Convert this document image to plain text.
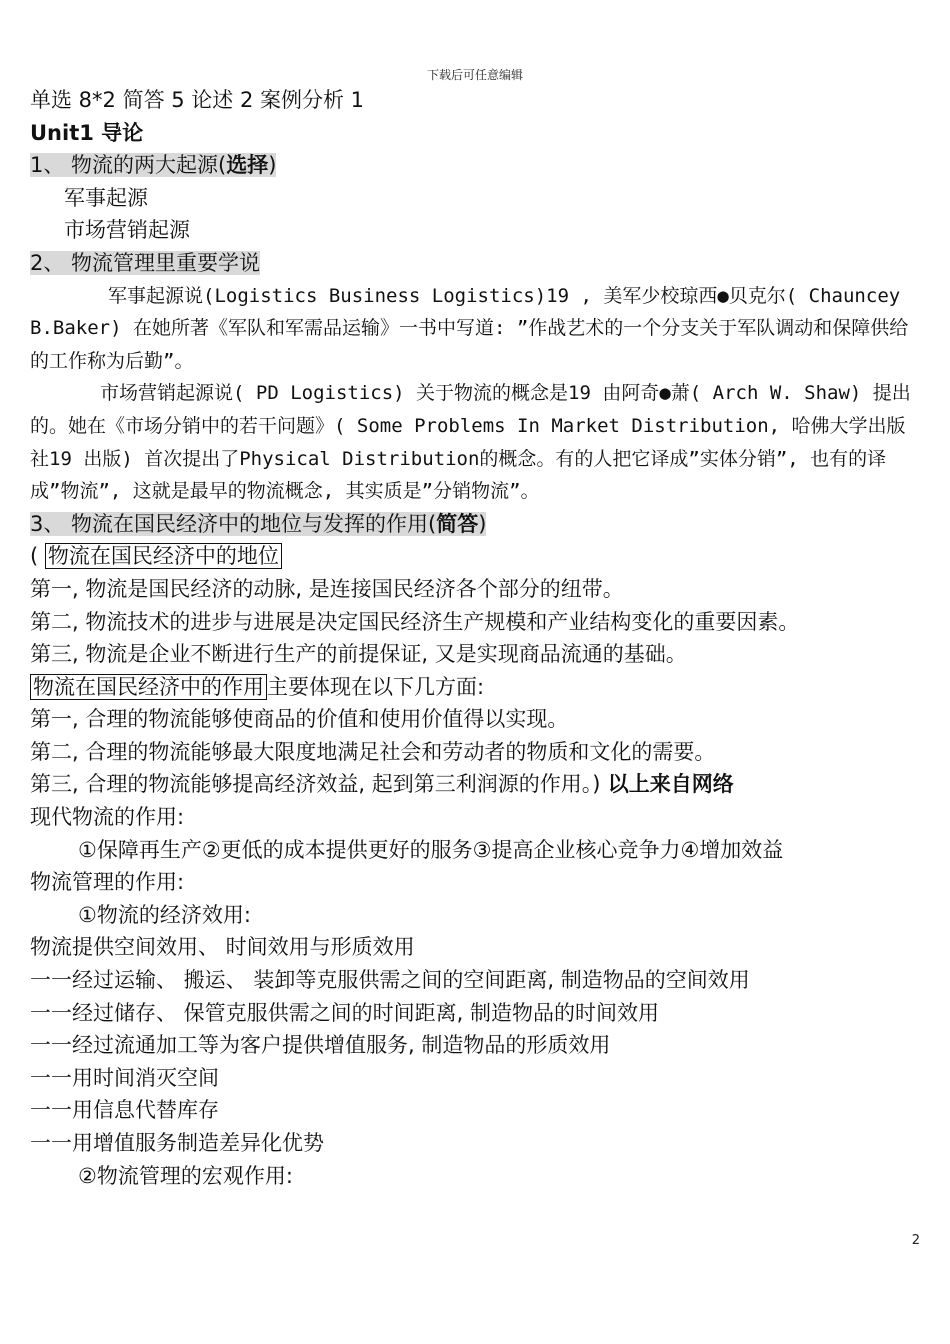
下载后可任意编辑
单选 8*2 简答 5 论述 2 案例分析 1
Unit1 导论
1、 物流的两大起源(选择)
军事起源
市场营销起源
2、 物流管理里重要学说
军事起源说(Logistics Business Logistics)19 , 美军少校琼西●贝克尔( Chauncey B.Baker) 在她所著《军队和军需品运输》一书中写道: ”作战艺术的一个分支关于军队调动和保障供给的工作称为后勤”。
市场营销起源说( PD Logistics) 关于物流的概念是19 由阿奇●萧( Arch W. Shaw) 提出的。她在《市场分销中的若干问题》( Some Problems In Market Distribution, 哈佛大学出版社19 出版) 首次提出了Physical Distribution的概念。有的人把它译成”实体分销”, 也有的译成”物流”, 这就是最早的物流概念, 其实质是”分销物流”。
3、 物流在国民经济中的地位与发挥的作用(简答)
( 物流在国民经济中的地位
第一, 物流是国民经济的动脉, 是连接国民经济各个部分的纽带。
第二, 物流技术的进步与进展是决定国民经济生产规模和产业结构变化的重要因素。
第三, 物流是企业不断进行生产的前提保证, 又是实现商品流通的基础。
物流在国民经济中的作用 主要体现在以下几方面:
第一, 合理的物流能够使商品的价值和使用价值得以实现。
第二, 合理的物流能够最大限度地满足社会和劳动者的物质和文化的需要。
第三, 合理的物流能够提高经济效益, 起到第三利润源的作用。) 以上来自网络
现代物流的作用:
①保障再生产②更低的成本提供更好的服务③提高企业核心竞争力④增加效益
物流管理的作用:
①物流的经济效用:
物流提供空间效用、 时间效用与形质效用
一一经过运输、 搬运、 装卸等克服供需之间的空间距离, 制造物品的空间效用
一一经过储存、 保管克服供需之间的时间距离, 制造物品的时间效用
一一经过流通加工等为客户提供增值服务, 制造物品的形质效用
一一用时间消灭空间
一一用信息代替库存
一一用增值服务制造差异化优势
②物流管理的宏观作用:
2
